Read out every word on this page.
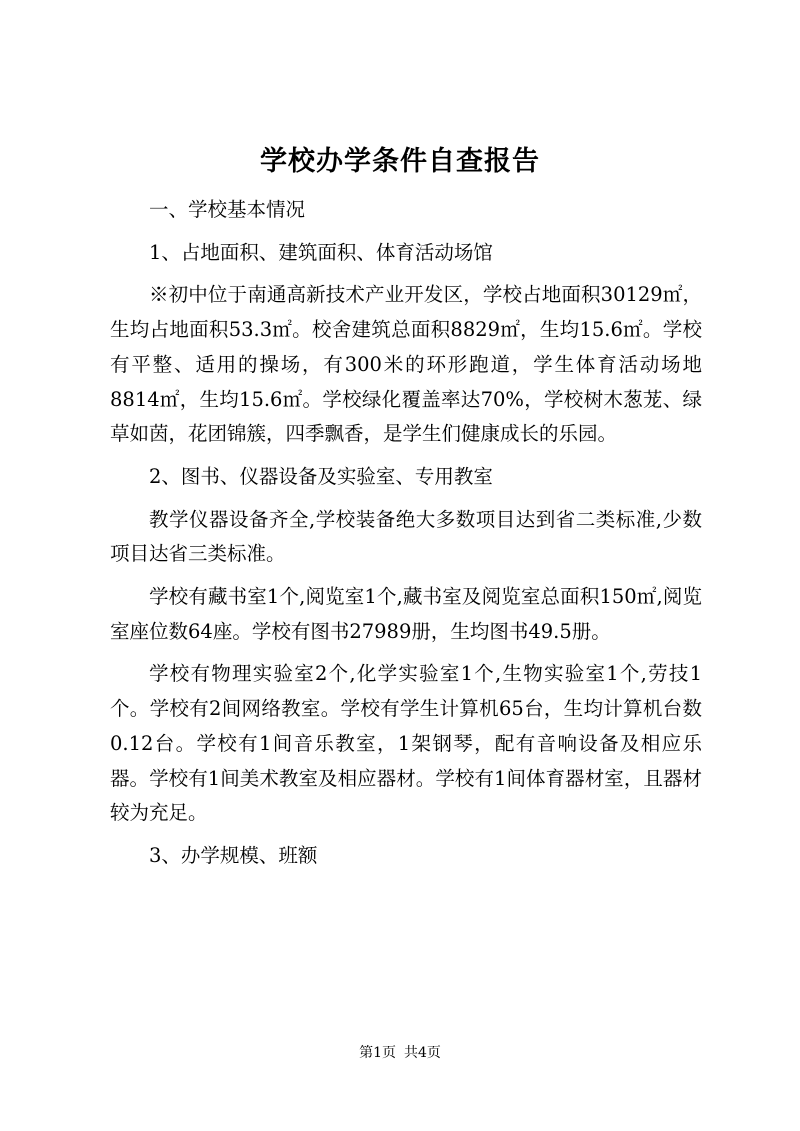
学校办学条件自查报告

一、学校基本情况

1、占地面积、建筑面积、体育活动场馆

※初中位于南通高新技术产业开发区，学校占地面积30129㎡，生均占地面积53.3㎡。校舍建筑总面积8829㎡，生均15.6㎡。学校有平整、适用的操场，有300米的环形跑道，学生体育活动场地8814㎡，生均15.6㎡。学校绿化覆盖率达70%，学校树木葱茏、绿草如茵，花团锦簇，四季飘香，是学生们健康成长的乐园。

2、图书、仪器设备及实验室、专用教室

教学仪器设备齐全,学校装备绝大多数项目达到省二类标准,少数项目达省三类标准。

学校有藏书室1个,阅览室1个,藏书室及阅览室总面积150㎡,阅览室座位数64座。学校有图书27989册，生均图书49.5册。

学校有物理实验室2个,化学实验室1个,生物实验室1个,劳技1个。学校有2间网络教室。学校有学生计算机65台，生均计算机台数0.12台。学校有1间音乐教室，1架钢琴，配有音响设备及相应乐器。学校有1间美术教室及相应器材。学校有1间体育器材室，且器材较为充足。

3、办学规模、班额

第1页 共4页
